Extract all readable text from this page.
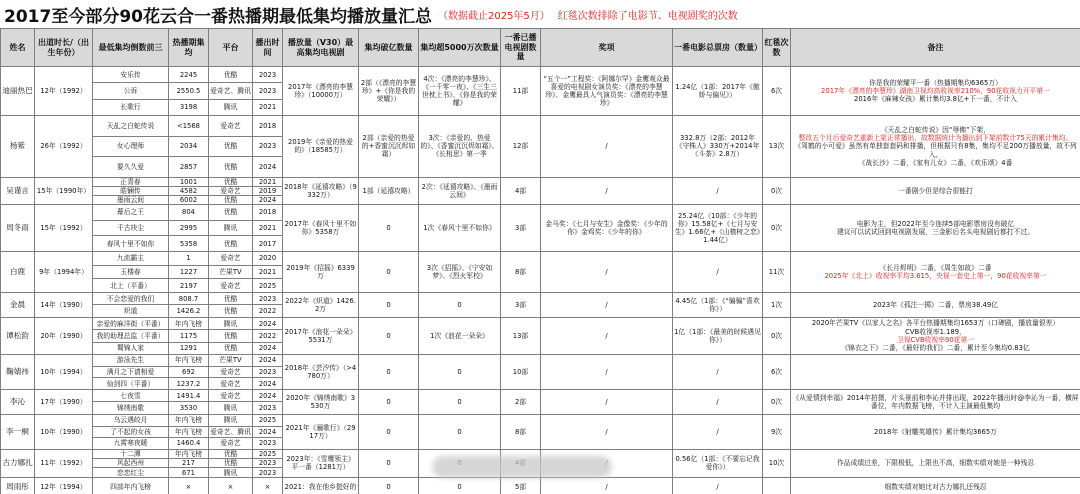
2017至今部分90花云合一番热播期最低集均播放量汇总 （数据截止2025年5月） 红毯次数排除了电影节、电视剧奖的次数
姓名	出道时长/（出生年份）	最低集均倒数前三	热播期集均	平台	播出时间	播放量（V30）最高集均电视剧	集均破亿数量	集均超5000万次数量	一番已播电视剧数量	奖项	一番电影总票房（数量）	红毯次数	备注
迪丽热巴	12年（1992）	安乐传	2245	优酷	2023	2017年《漂亮的李慧珍》（10000万）	2部（《漂亮的李慧珍》+《你是我的荣耀》）	4次：《漂亮的李慧珍》、《一千零一夜》、《三生三世枕上书》、《你是我的荣耀》	11部	“五个一”工程奖：《阿娜尔罕》金鹰观众最喜爱的电视剧女演员奖：《漂亮的李慧珍》、金鹰最具人气演员奖：《漂亮的李慧珍》	1.24亿（1部：2017年《傲娇与偏见》）	6次	你是我的荣耀平一番（热播期集均6365万）
2017年《漂亮的李慧珍》湖南卫视均高收视率210%，90花收视力开平第一
2016年《麻辣女孩》累计集均3.8亿+下一番，不计入

		公诉	2550.5	爱奇艺、腾讯	2023								
		长歌行	3198	腾讯	2021								
杨紫	26年（1992）	天乩之白蛇传说	<1568	爱奇艺	2018	2019年《亲爱的热爱的》（18585万）	2部（亲爱的热爱的+香蜜沉沉烬如霜）	3次：《亲爱的、热爱的》、《香蜜沉沉烬如霜》、《长相思》第一季	12部	/	332.8万（2部：2012年《守株人》330万+2014年《斗茶》2.8万）	13次	《天乩之白蛇传说》因“辱佛”下架，
整改五个月后爱奇艺重新上架正常播出，故数据统计为播出到下架前数计75天的累计集均。
《驾鹤的小可爱》虽然有单独套套码和排播，但根据只有8集，集均不足200万播放量，故不列入。
《战长沙》二番，《家有儿女》二番，《欢乐颂》4番

		女心理师	2034	优酷	2023								
		要久久爱	2857	优酷	2024								
吴谨言	15年（1990年）	正青春	1001	优酷	2021	2018年《延禧攻略》（9332万）	1部（延禧攻略）	2次：《延禧攻略》、《墨雨云间》	4部	/	/	0次	一番剧少但是综合很能打

		皓镧传	4582	爱奇艺	2019								
		墨雨云间	6002	优酷	2024								
周冬雨	15年（1992）	幕后之王	804	优酷	2018	2017年《春风十里不如你》5358万	0	1次《春风十里不如你》	3部	金马奖：《七月与安生》金像奖：《少年的你》金鸡奖：《少年的你》	25.24亿（10部：《少年的你》15.58亿+《七月与安生》1.66亿+《山楂树之恋》1.44亿）	0次	电影为主，但2022年至今连续5部电影票房没有破亿
建议可以试试回到电视剧发展，三金影后名头电视剧后都打不过。

		千古玦尘	2995	腾讯	2021								
		春风十里不如你	5358	优酷	2017								
白鹿	9年（1994年）	九流霸主	1	爱奇艺	2020	2019年《招摇》6339万	0	3次《招摇》、《宁安如梦》、《烈火军校》	8部	/	/	11次	《长月烬明》二番，《周生如故》二番
2025年《北上》收视率平均3.615，央视一套史上第一，90花收视率第一

		玉楼春	1227	芒果TV	2021								
		北上（平番）	2197	爱奇艺	2025								
金晨	14年（1990）	不会恋爱的我们	808.7	优酷	2023	2022年《炽道》1426.2万	0	0	3部	/	4.45亿（1部：《“骗骗”喜欢你》）	1次	2023年《孤注一掷》二番，票房38.49亿

		炽道	1426.2	优酷	2022								
谭松韵	20年（1990）	亲爱的麻洋街（平番）	年内飞榜	腾讯	2024	2017年《浪花一朵朵》5531万	0	1次《浪花一朵朵》	13部	/	1亿（1部：《最美的时候遇见你》）	0次	2020年芒果TV《以家人之名》各平台热播期集均1653万（口碑剧，播放量很差）
CVB收视率1.189，
卫视CVB收视率90花第一
《锦衣之下》二番，《最好的我们》二番，累计至今集均0.83亿

		我的助理总监（平番）	1175	优酷	2022								
		蜀锦人家	1291	优酷	2024								
鞠婧祎	10年（1994）	游泳先生	年内飞榜	芒果TV	2024	2018年《芸汐传》（>4780万）	0	0	10部	/	/	6次	
		满月之下请相爱	692	爱奇艺	2023								
		仙剑四（平番）	1237.2	爱奇艺	2024								
李沁	17年（1990）	七夜雪	1491.4	爱奇艺	2024	2020年《锦绣南歌》3530万	0	0	2部	/	/	0次	《从爱情到幸福》2014年拍摄，片头景前和李沁并排出现，2022年播出时@李沁为一番，横屏番位，年内数据飞榜，不计入主演最低集均

		锦绣南歌	3530	腾讯	2023								
李一桐	10年（1990）	乌云遇皎月	年内飞榜	腾讯	2025	2021年《骊歌行》（2917万）	0	0	8部	/	/	9次	2018年《射雕英雄传》累计集均3665万

		了不起的女孩	年内飞榜	爱奇艺、腾讯	2024								
		九霄寒夜暖	1460.4	爱奇艺	2023								
古力娜扎	11年（1992）	十二潭	年内飞榜	优酷	2025	2023年：《雪鹰领主》平一番（1281万）	0				0.56亿（1部：《不要忘记我爱你》）	10次	作品成绩过差，下限极低，上限也不高，细数实绩对她是一种残忍

		风起西州	217	优酷	2023								
		恋恋红尘	671	腾讯	2023								
周雨彤	12年（1994）	四部年内飞榜	×	×	×	2021：我在他乡挺好的	0	0	5部	/	/		细数实绩对她比对古力娜扎还残忍
